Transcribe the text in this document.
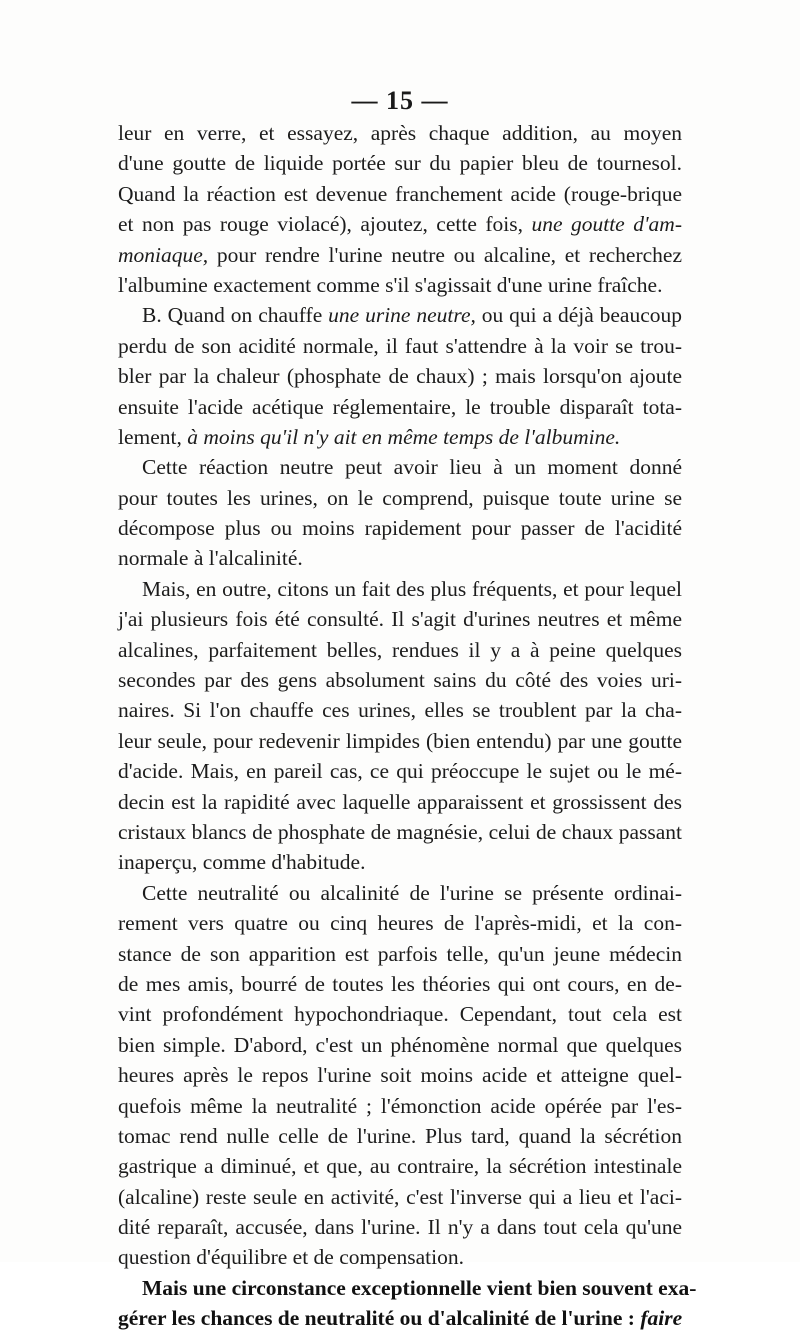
— 15 —
leur en verre, et essayez, après chaque addition, au moyen
d'une goutte de liquide portée sur du papier bleu de tournesol.
Quand la réaction est devenue franchement acide (rouge-brique
et non pas rouge violacé), ajoutez, cette fois, une goutte d'am-
moniaque, pour rendre l'urine neutre ou alcaline, et recherchez
l'albumine exactement comme s'il s'agissait d'une urine fraîche.
B. Quand on chauffe une urine neutre, ou qui a déjà beaucoup
perdu de son acidité normale, il faut s'attendre à la voir se trou-
bler par la chaleur (phosphate de chaux) ; mais lorsqu'on ajoute
ensuite l'acide acétique réglementaire, le trouble disparaît tota-
lement, à moins qu'il n'y ait en même temps de l'albumine.
Cette réaction neutre peut avoir lieu à un moment donné
pour toutes les urines, on le comprend, puisque toute urine se
décompose plus ou moins rapidement pour passer de l'acidité
normale à l'alcalinité.
Mais, en outre, citons un fait des plus fréquents, et pour lequel
j'ai plusieurs fois été consulté. Il s'agit d'urines neutres et même
alcalines, parfaitement belles, rendues il y a à peine quelques
secondes par des gens absolument sains du côté des voies uri-
naires. Si l'on chauffe ces urines, elles se troublent par la cha-
leur seule, pour redevenir limpides (bien entendu) par une goutte
d'acide. Mais, en pareil cas, ce qui préoccupe le sujet ou le mé-
decin est la rapidité avec laquelle apparaissent et grossissent des
cristaux blancs de phosphate de magnésie, celui de chaux passant
inaperçu, comme d'habitude.
Cette neutralité ou alcalinité de l'urine se présente ordinai-
rement vers quatre ou cinq heures de l'après-midi, et la con-
stance de son apparition est parfois telle, qu'un jeune médecin
de mes amis, bourré de toutes les théories qui ont cours, en de-
vint profondément hypochondriaque. Cependant, tout cela est
bien simple. D'abord, c'est un phénomène normal que quelques
heures après le repos l'urine soit moins acide et atteigne quel-
quefois même la neutralité ; l'émonction acide opérée par l'es-
tomac rend nulle celle de l'urine. Plus tard, quand la sécrétion
gastrique a diminué, et que, au contraire, la sécrétion intestinale
(alcaline) reste seule en activité, c'est l'inverse qui a lieu et l'aci-
dité reparaît, accusée, dans l'urine. Il n'y a dans tout cela qu'une
question d'équilibre et de compensation.
Mais une circonstance exceptionnelle vient bien souvent exa-
gérer les chances de neutralité ou d'alcalinité de l'urine : faire
